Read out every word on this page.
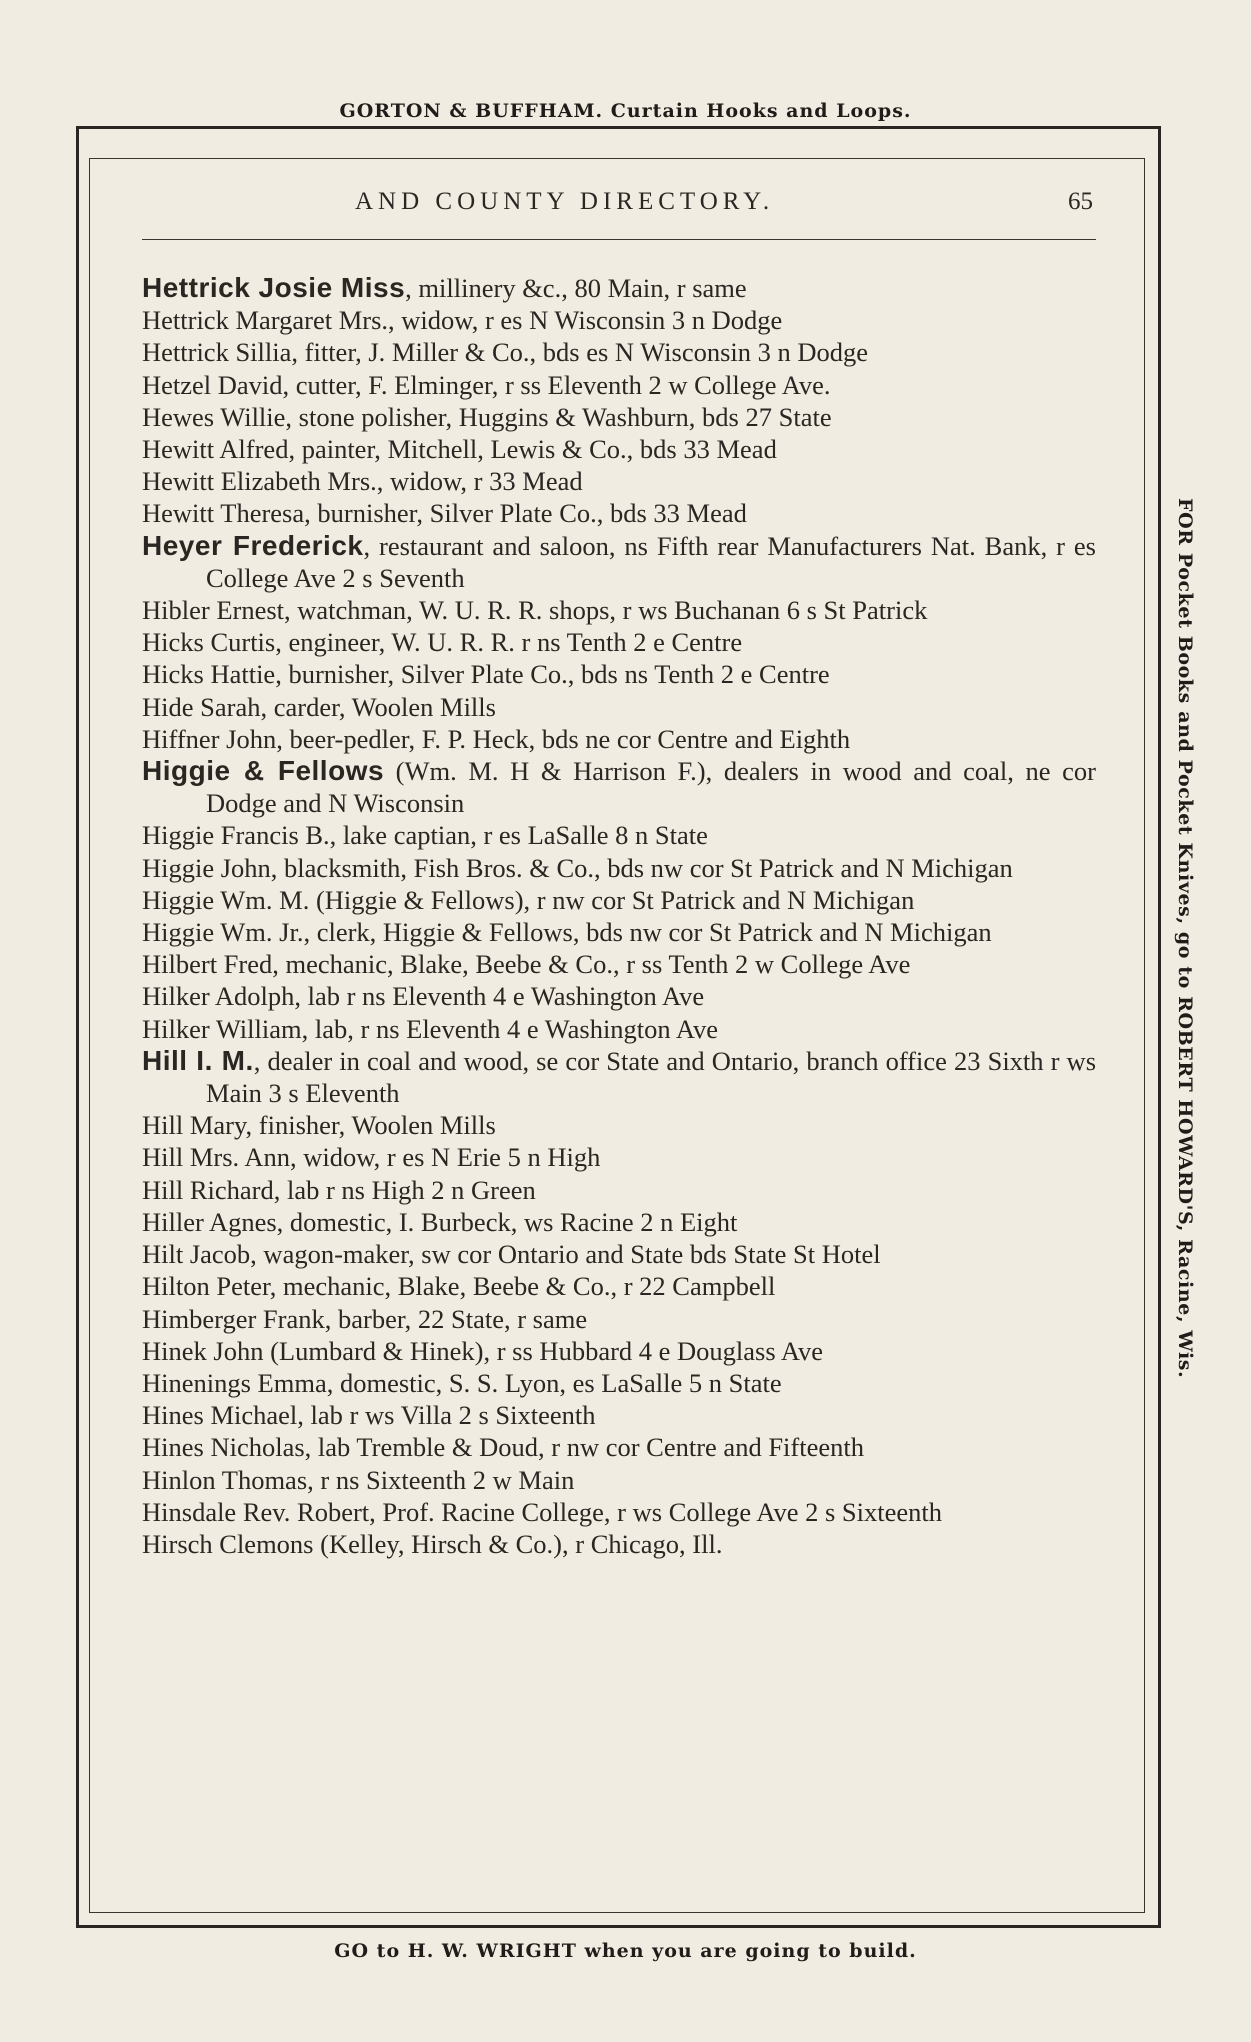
GORTON & BUFFHAM. Curtain Hooks and Loops.
FOR Pocket Books and Pocket Knives, go to ROBERT HOWARD'S, Racine, Wis.
AND COUNTY DIRECTORY.	65
Hettrick Josie Miss, millinery &c., 80 Main, r same
Hettrick Margaret Mrs., widow, r es N Wisconsin 3 n Dodge
Hettrick Sillia, fitter, J. Miller & Co., bds es N Wisconsin 3 n Dodge
Hetzel David, cutter, F. Elminger, r ss Eleventh 2 w College Ave.
Hewes Willie, stone polisher, Huggins & Washburn, bds 27 State
Hewitt Alfred, painter, Mitchell, Lewis & Co., bds 33 Mead
Hewitt Elizabeth Mrs., widow, r 33 Mead
Hewitt Theresa, burnisher, Silver Plate Co., bds 33 Mead
Heyer Frederick, restaurant and saloon, ns Fifth rear Manufacturers Nat. Bank, r es College Ave 2 s Seventh
Hibler Ernest, watchman, W. U. R. R. shops, r ws Buchanan 6 s St Patrick
Hicks Curtis, engineer, W. U. R. R. r ns Tenth 2 e Centre
Hicks Hattie, burnisher, Silver Plate Co., bds ns Tenth 2 e Centre
Hide Sarah, carder, Woolen Mills
Hiffner John, beer-pedler, F. P. Heck, bds ne cor Centre and Eighth
Higgie & Fellows (Wm. M. H & Harrison F.), dealers in wood and coal, ne cor Dodge and N Wisconsin
Higgie Francis B., lake captian, r es LaSalle 8 n State
Higgie John, blacksmith, Fish Bros. & Co., bds nw cor St Patrick and N Michigan
Higgie Wm. M. (Higgie & Fellows), r nw cor St Patrick and N Michigan
Higgie Wm. Jr., clerk, Higgie & Fellows, bds nw cor St Patrick and N Michigan
Hilbert Fred, mechanic, Blake, Beebe & Co., r ss Tenth 2 w College Ave
Hilker Adolph, lab r ns Eleventh 4 e Washington Ave
Hilker William, lab, r ns Eleventh 4 e Washington Ave
Hill I. M., dealer in coal and wood, se cor State and Ontario, branch office 23 Sixth r ws Main 3 s Eleventh
Hill Mary, finisher, Woolen Mills
Hill Mrs. Ann, widow, r es N Erie 5 n High
Hill Richard, lab r ns High 2 n Green
Hiller Agnes, domestic, I. Burbeck, ws Racine 2 n Eight
Hilt Jacob, wagon-maker, sw cor Ontario and State bds State St Hotel
Hilton Peter, mechanic, Blake, Beebe & Co., r 22 Campbell
Himberger Frank, barber, 22 State, r same
Hinek John (Lumbard & Hinek), r ss Hubbard 4 e Douglass Ave
Hinenings Emma, domestic, S. S. Lyon, es LaSalle 5 n State
Hines Michael, lab r ws Villa 2 s Sixteenth
Hines Nicholas, lab Tremble & Doud, r nw cor Centre and Fifteenth
Hinlon Thomas, r ns Sixteenth 2 w Main
Hinsdale Rev. Robert, Prof. Racine College, r ws College Ave 2 s Sixteenth
Hirsch Clemons (Kelley, Hirsch & Co.), r Chicago, Ill.
GO to H. W. WRIGHT when you are going to build.
